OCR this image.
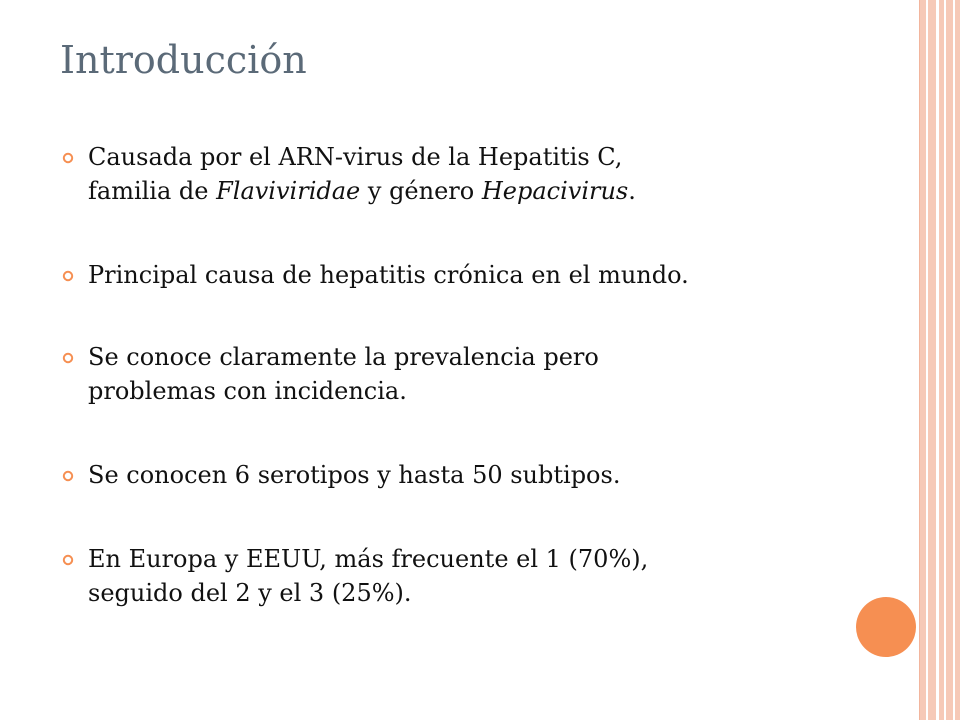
Introducción
Causada por el ARN-virus de la Hepatitis C,
familia de Flaviviridae y género Hepacivirus.
Principal causa de hepatitis crónica en el mundo.
Se conoce claramente la prevalencia pero
problemas con incidencia.
Se conocen 6 serotipos y hasta 50 subtipos.
En Europa y EEUU, más frecuente el 1 (70%),
seguido del 2 y el 3 (25%).
